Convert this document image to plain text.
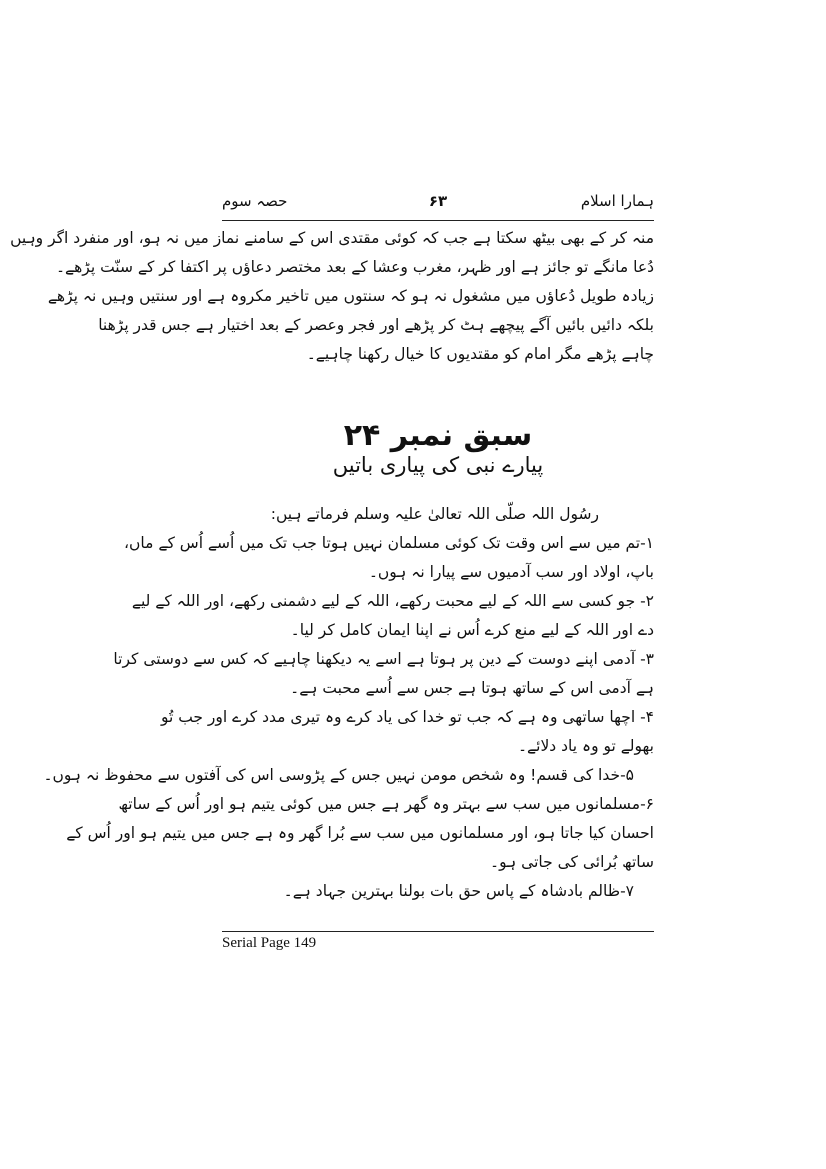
ہمارا اسلام
۶۳
حصہ سوم
منہ کر کے بھی بیٹھ سکتا ہے جب کہ کوئی مقتدی اس کے سامنے نماز میں نہ ہو، اور منفرد اگر وہیں
دُعا مانگے تو جائز ہے اور ظہر، مغرب وعشا کے بعد مختصر دعاؤں پر اکتفا کر کے سنّت پڑھے۔
زیادہ طویل دُعاؤں میں مشغول نہ ہو کہ سنتوں میں تاخیر مکروہ ہے اور سنتیں وہیں نہ پڑھے
بلکہ دائیں بائیں آگے پیچھے ہٹ کر پڑھے اور فجر وعصر کے بعد اختیار ہے جس قدر پڑھنا
چاہے پڑھے مگر امام کو مقتدیوں کا خیال رکھنا چاہیے۔
سبق نمبر ۲۴
پیارے نبی کی پیاری باتیں
رسُول اللہ صلّی اللہ تعالیٰ علیہ وسلم فرماتے ہیں:
۱-تم میں سے اس وقت تک کوئی مسلمان نہیں ہوتا جب تک میں اُسے اُس کے ماں،
باپ، اولاد اور سب آدمیوں سے پیارا نہ ہوں۔
۲- جو کسی سے اللہ کے لیے محبت رکھے، اللہ کے لیے دشمنی رکھے، اور اللہ کے لیے
دے اور اللہ کے لیے منع کرے اُس نے اپنا ایمان کامل کر لیا۔
۳- آدمی اپنے دوست کے دین پر ہوتا ہے اسے یہ دیکھنا چاہیے کہ کس سے دوستی کرتا
ہے آدمی اس کے ساتھ ہوتا ہے جس سے اُسے محبت ہے۔
۴- اچھا ساتھی وہ ہے کہ جب تو خدا کی یاد کرے وہ تیری مدد کرے اور جب تُو
بھولے تو وہ یاد دلائے۔
۵-خدا کی قسم! وہ شخص مومن نہیں جس کے پڑوسی اس کی آفتوں سے محفوظ نہ ہوں۔
۶-مسلمانوں میں سب سے بہتر وہ گھر ہے جس میں کوئی یتیم ہو اور اُس کے ساتھ
احسان کیا جاتا ہو، اور مسلمانوں میں سب سے بُرا گھر وہ ہے جس میں یتیم ہو اور اُس کے
ساتھ بُرائی کی جاتی ہو۔
۷-ظالم بادشاہ کے پاس حق بات بولنا بہترین جہاد ہے۔
Serial Page 149
